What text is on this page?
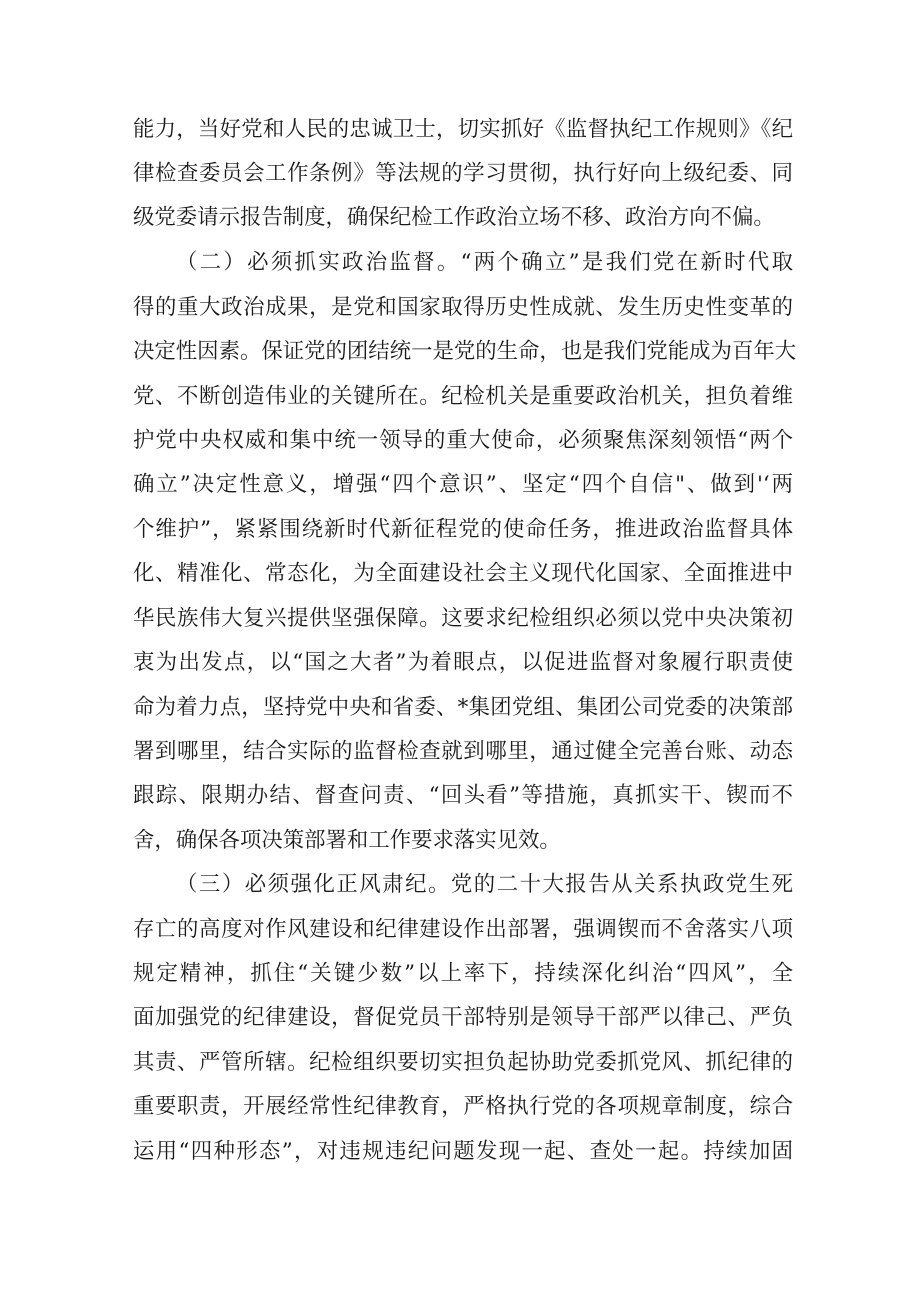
能力，当好党和人民的忠诚卫士，切实抓好《监督执纪工作规则》《纪
律检查委员会工作条例》等法规的学习贯彻，执行好向上级纪委、同
级党委请示报告制度，确保纪检工作政治立场不移、政治方向不偏。
（二）必须抓实政治监督。“两个确立”是我们党在新时代取
得的重大政治成果，是党和国家取得历史性成就、发生历史性变革的
决定性因素。保证党的团结统一是党的生命，也是我们党能成为百年大
党、不断创造伟业的关键所在。纪检机关是重要政治机关，担负着维
护党中央权威和集中统一领导的重大使命，必须聚焦深刻领悟“两个
确立”决定性意义，增强“四个意识”、坚定“四个自信"、做到'‘两
个维护”，紧紧围绕新时代新征程党的使命任务，推进政治监督具体
化、精准化、常态化，为全面建设社会主义现代化国家、全面推进中
华民族伟大复兴提供坚强保障。这要求纪检组织必须以党中央决策初
衷为出发点，以“国之大者”为着眼点，以促进监督对象履行职责使
命为着力点，坚持党中央和省委、*集团党组、集团公司党委的决策部
署到哪里，结合实际的监督检查就到哪里，通过健全完善台账、动态
跟踪、限期办结、督查问责、“回头看”等措施，真抓实干、锲而不
舍，确保各项决策部署和工作要求落实见效。
（三）必须强化正风肃纪。党的二十大报告从关系执政党生死
存亡的高度对作风建设和纪律建设作出部署，强调锲而不舍落实八项
规定精神，抓住“关键少数”以上率下，持续深化纠治“四风”，全
面加强党的纪律建设，督促党员干部特别是领导干部严以律己、严负
其责、严管所辖。纪检组织要切实担负起协助党委抓党风、抓纪律的
重要职责，开展经常性纪律教育，严格执行党的各项规章制度，综合
运用“四种形态”，对违规违纪问题发现一起、查处一起。持续加固
